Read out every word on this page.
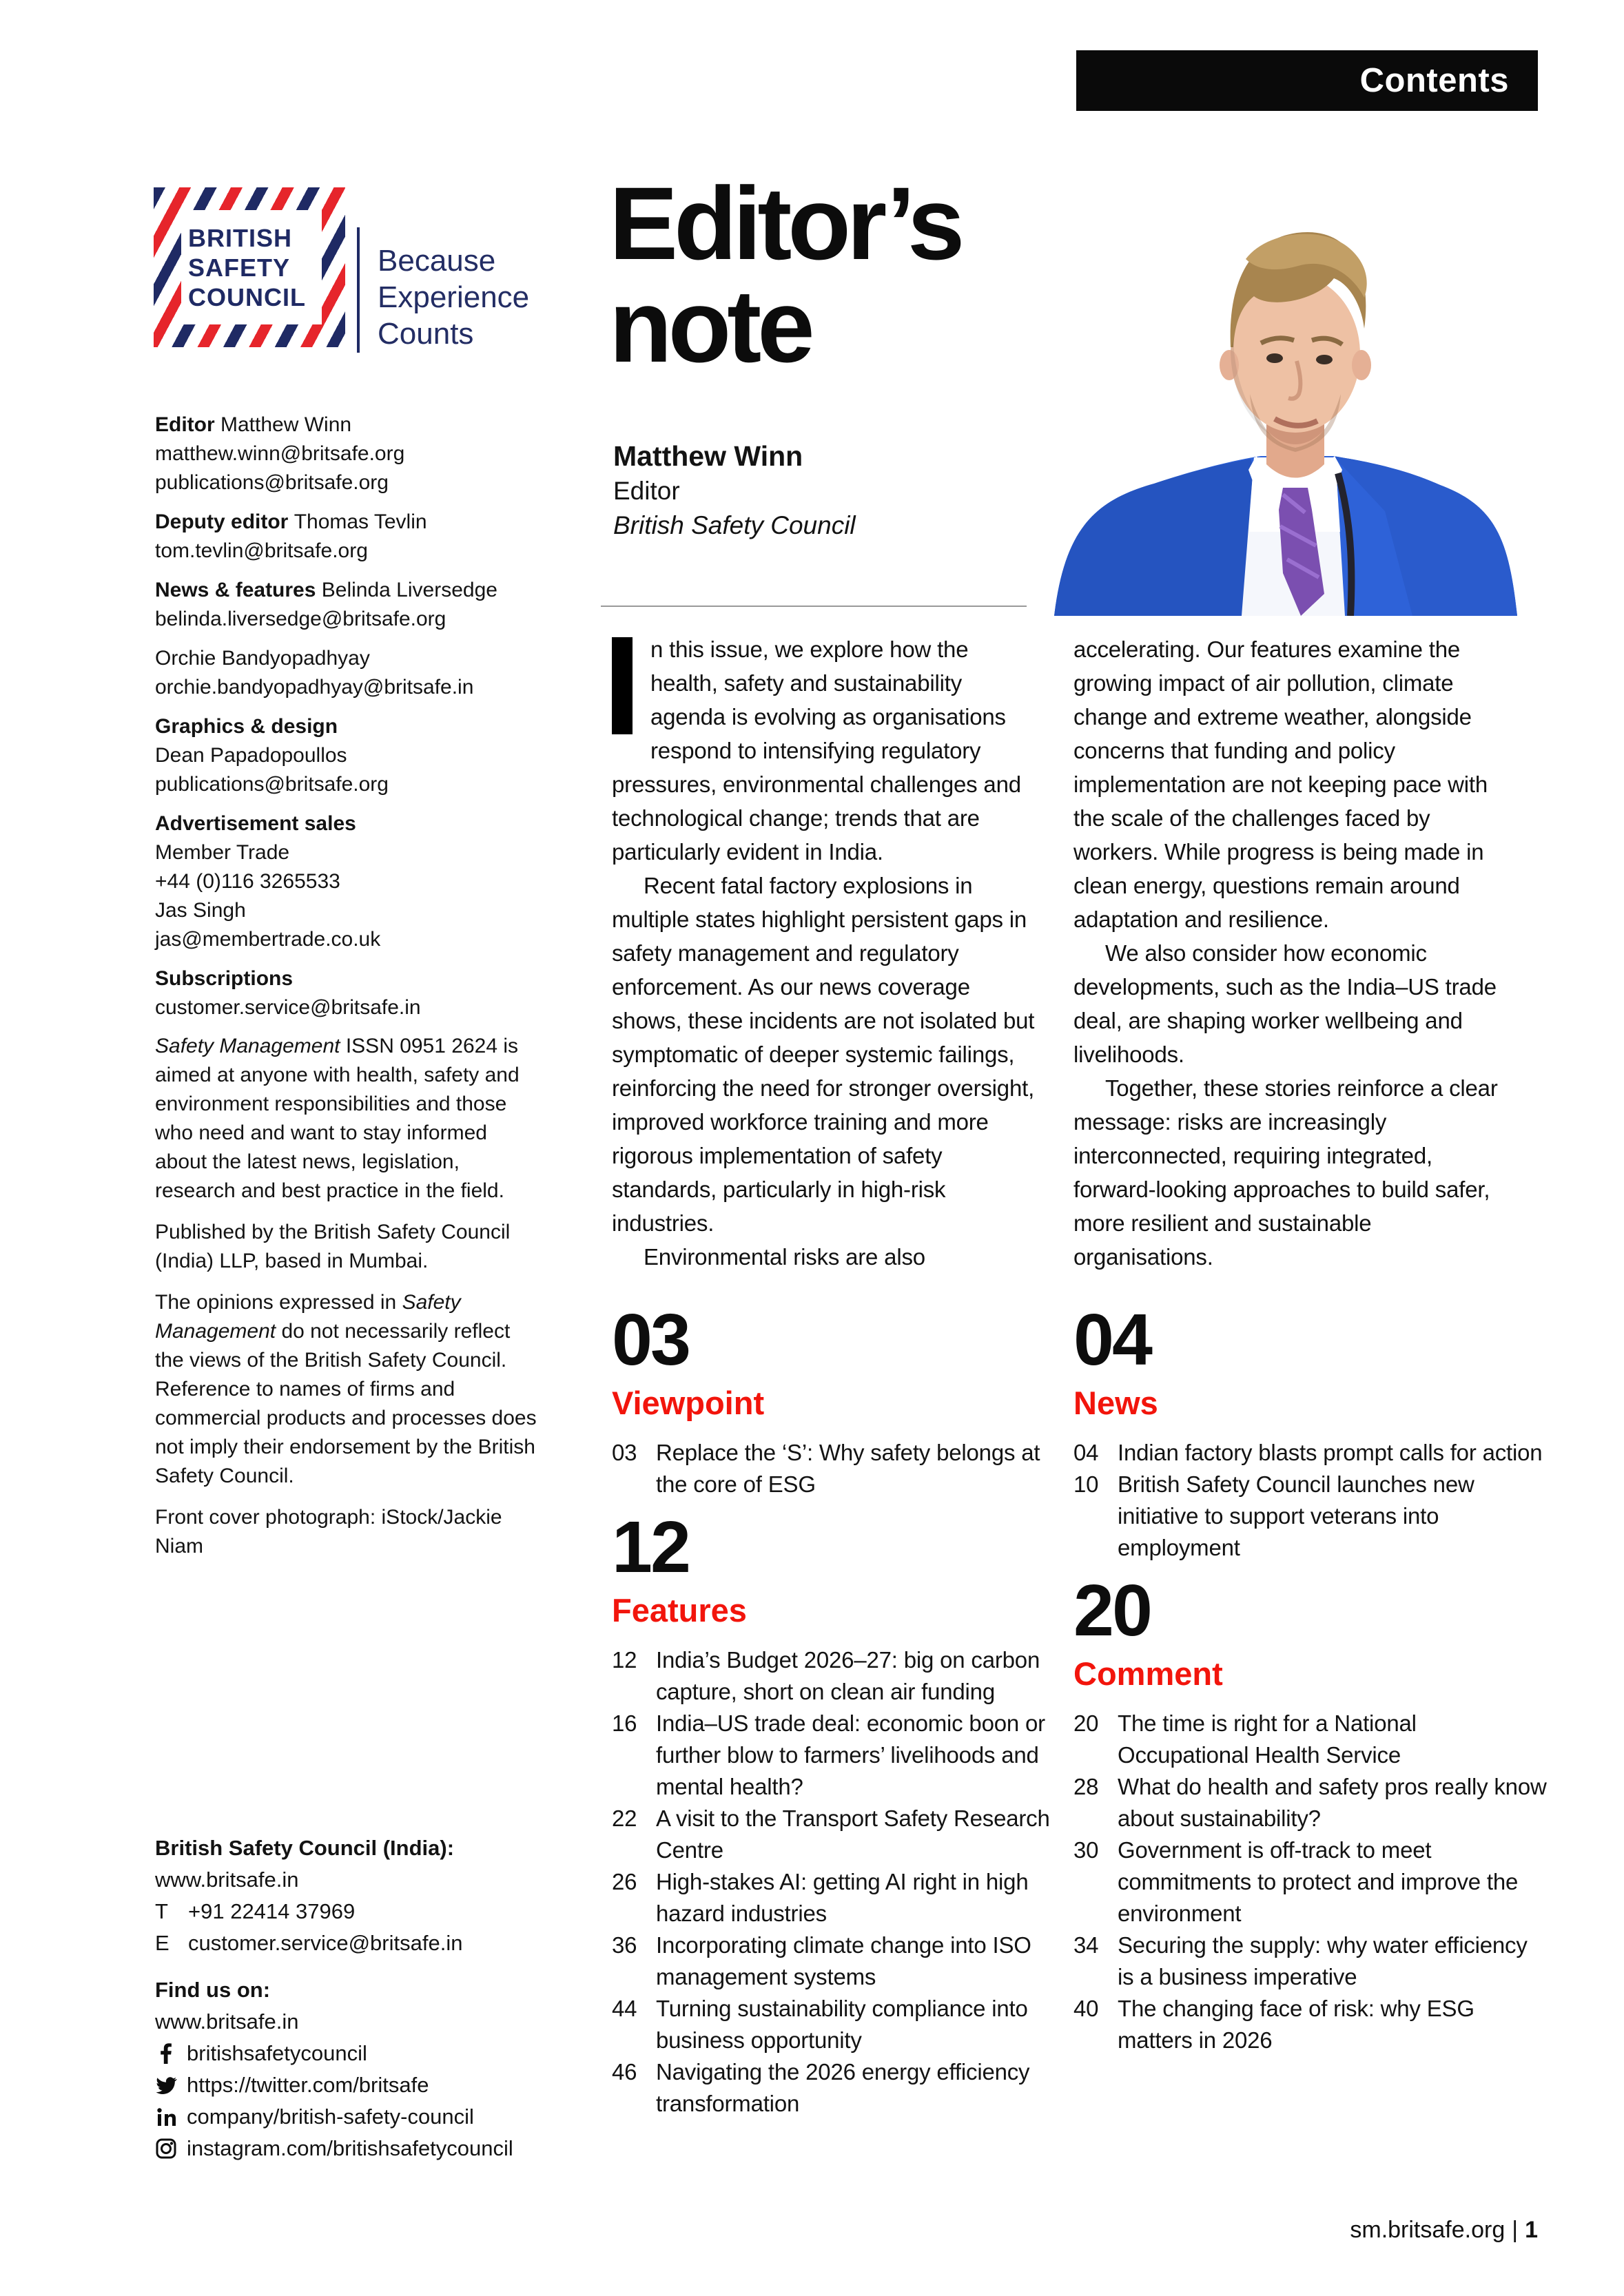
Contents
BRITISH
SAFETY
COUNCIL
Because
Experience
Counts
Editor Matthew Winn
matthew.winn@britsafe.org
publications@britsafe.org
Deputy editor Thomas Tevlin
tom.tevlin@britsafe.org
News & features Belinda Liversedge
belinda.liversedge@britsafe.org
Orchie Bandyopadhyay
orchie.bandyopadhyay@britsafe.in
Graphics & design
Dean Papadopoullos
publications@britsafe.org
Advertisement sales
Member Trade
+44 (0)116 3265533
Jas Singh
jas@membertrade.co.uk
Subscriptions
customer.service@britsafe.in

Safety Management ISSN 0951 2624 is aimed at anyone with health, safety and environment responsibilities and those who need and want to stay informed about the latest news, legislation, research and best practice in the field.

Published by the British Safety Council (India) LLP, based in Mumbai.

The opinions expressed in Safety Management do not necessarily reflect the views of the British Safety Council. Reference to names of firms and commercial products and processes does not imply their endorsement by the British Safety Council.

Front cover photograph: iStock/Jackie Niam

British Safety Council (India):
www.britsafe.in
T +91 22414 37969
E customer.service@britsafe.in
Find us on:
www.britsafe.in
britishsafetycouncil
https://twitter.com/britsafe
company/british-safety-council
instagram.com/britishsafetycouncil
Editor’s
note
Matthew Winn
Editor
British Safety Council

n this issue, we explore how the health, safety and sustainability agenda is evolving as organisations respond to intensifying regulatory pressures, environmental challenges and technological change; trends that are particularly evident in India.

Recent fatal factory explosions in multiple states highlight persistent gaps in safety management and regulatory enforcement. As our news coverage shows, these incidents are not isolated but symptomatic of deeper systemic failings, reinforcing the need for stronger oversight, improved workforce training and more rigorous implementation of safety standards, particularly in high-risk industries.

Environmental risks are also

accelerating. Our features examine the growing impact of air pollution, climate change and extreme weather, alongside concerns that funding and policy implementation are not keeping pace with the scale of the challenges faced by workers. While progress is being made in clean energy, questions remain around adaptation and resilience.

We also consider how economic developments, such as the India–US trade deal, are shaping worker wellbeing and livelihoods.

Together, these stories reinforce a clear message: risks are increasingly interconnected, requiring integrated, forward-looking approaches to build safer, more resilient and sustainable organisations.

03
Viewpoint
03 Replace the ‘S’: Why safety belongs at the core of ESG
12
Features
12 India’s Budget 2026–27: big on carbon capture, short on clean air funding
16 India–US trade deal: economic boon or further blow to farmers’ livelihoods and mental health?
22 A visit to the Transport Safety Research Centre
26 High-stakes AI: getting AI right in high hazard industries
36 Incorporating climate change into ISO management systems
44 Turning sustainability compliance into business opportunity
46 Navigating the 2026 energy efficiency transformation
04
News
04 Indian factory blasts prompt calls for action
10 British Safety Council launches new initiative to support veterans into employment
20
Comment
20 The time is right for a National Occupational Health Service
28 What do health and safety pros really know about sustainability?
30 Government is off-track to meet commitments to protect and improve the environment
34 Securing the supply: why water efficiency is a business imperative
40 The changing face of risk: why ESG matters in 2026
sm.britsafe.org | 1
